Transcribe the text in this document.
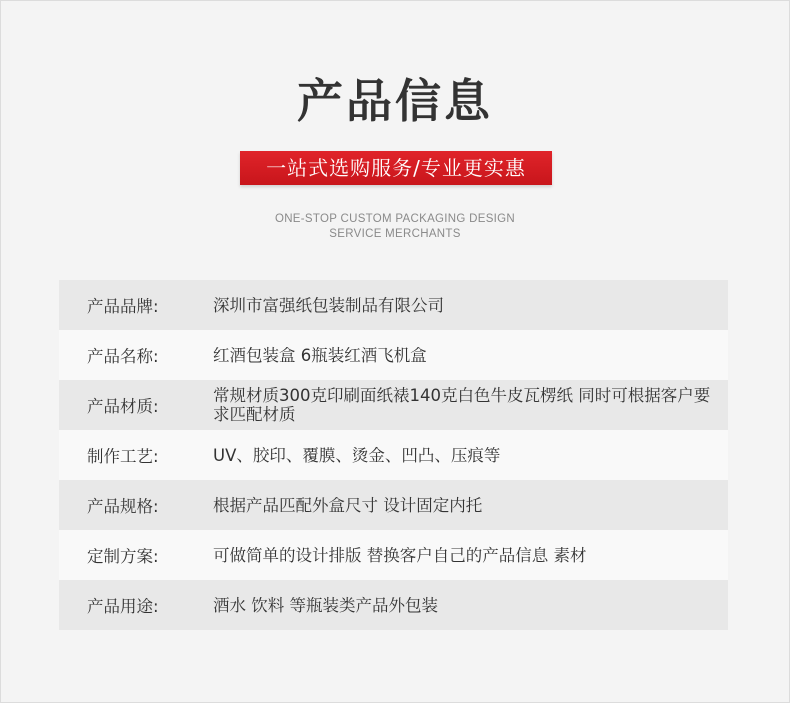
产品信息
一站式选购服务/专业更实惠
ONE-STOP CUSTOM PACKAGING DESIGN
SERVICE MERCHANTS
产品品牌:	深圳市富强纸包装制品有限公司
产品名称:	红酒包装盒 6瓶装红酒飞机盒
产品材质:
常规材质300克印刷面纸裱140克白色牛皮瓦楞纸 同时可根据客户要求匹配材质
制作工艺:	UV、胶印、覆膜、烫金、凹凸、压痕等
产品规格:	根据产品匹配外盒尺寸 设计固定内托
定制方案:	可做简单的设计排版 替换客户自己的产品信息 素材
产品用途:	酒水 饮料 等瓶装类产品外包装
